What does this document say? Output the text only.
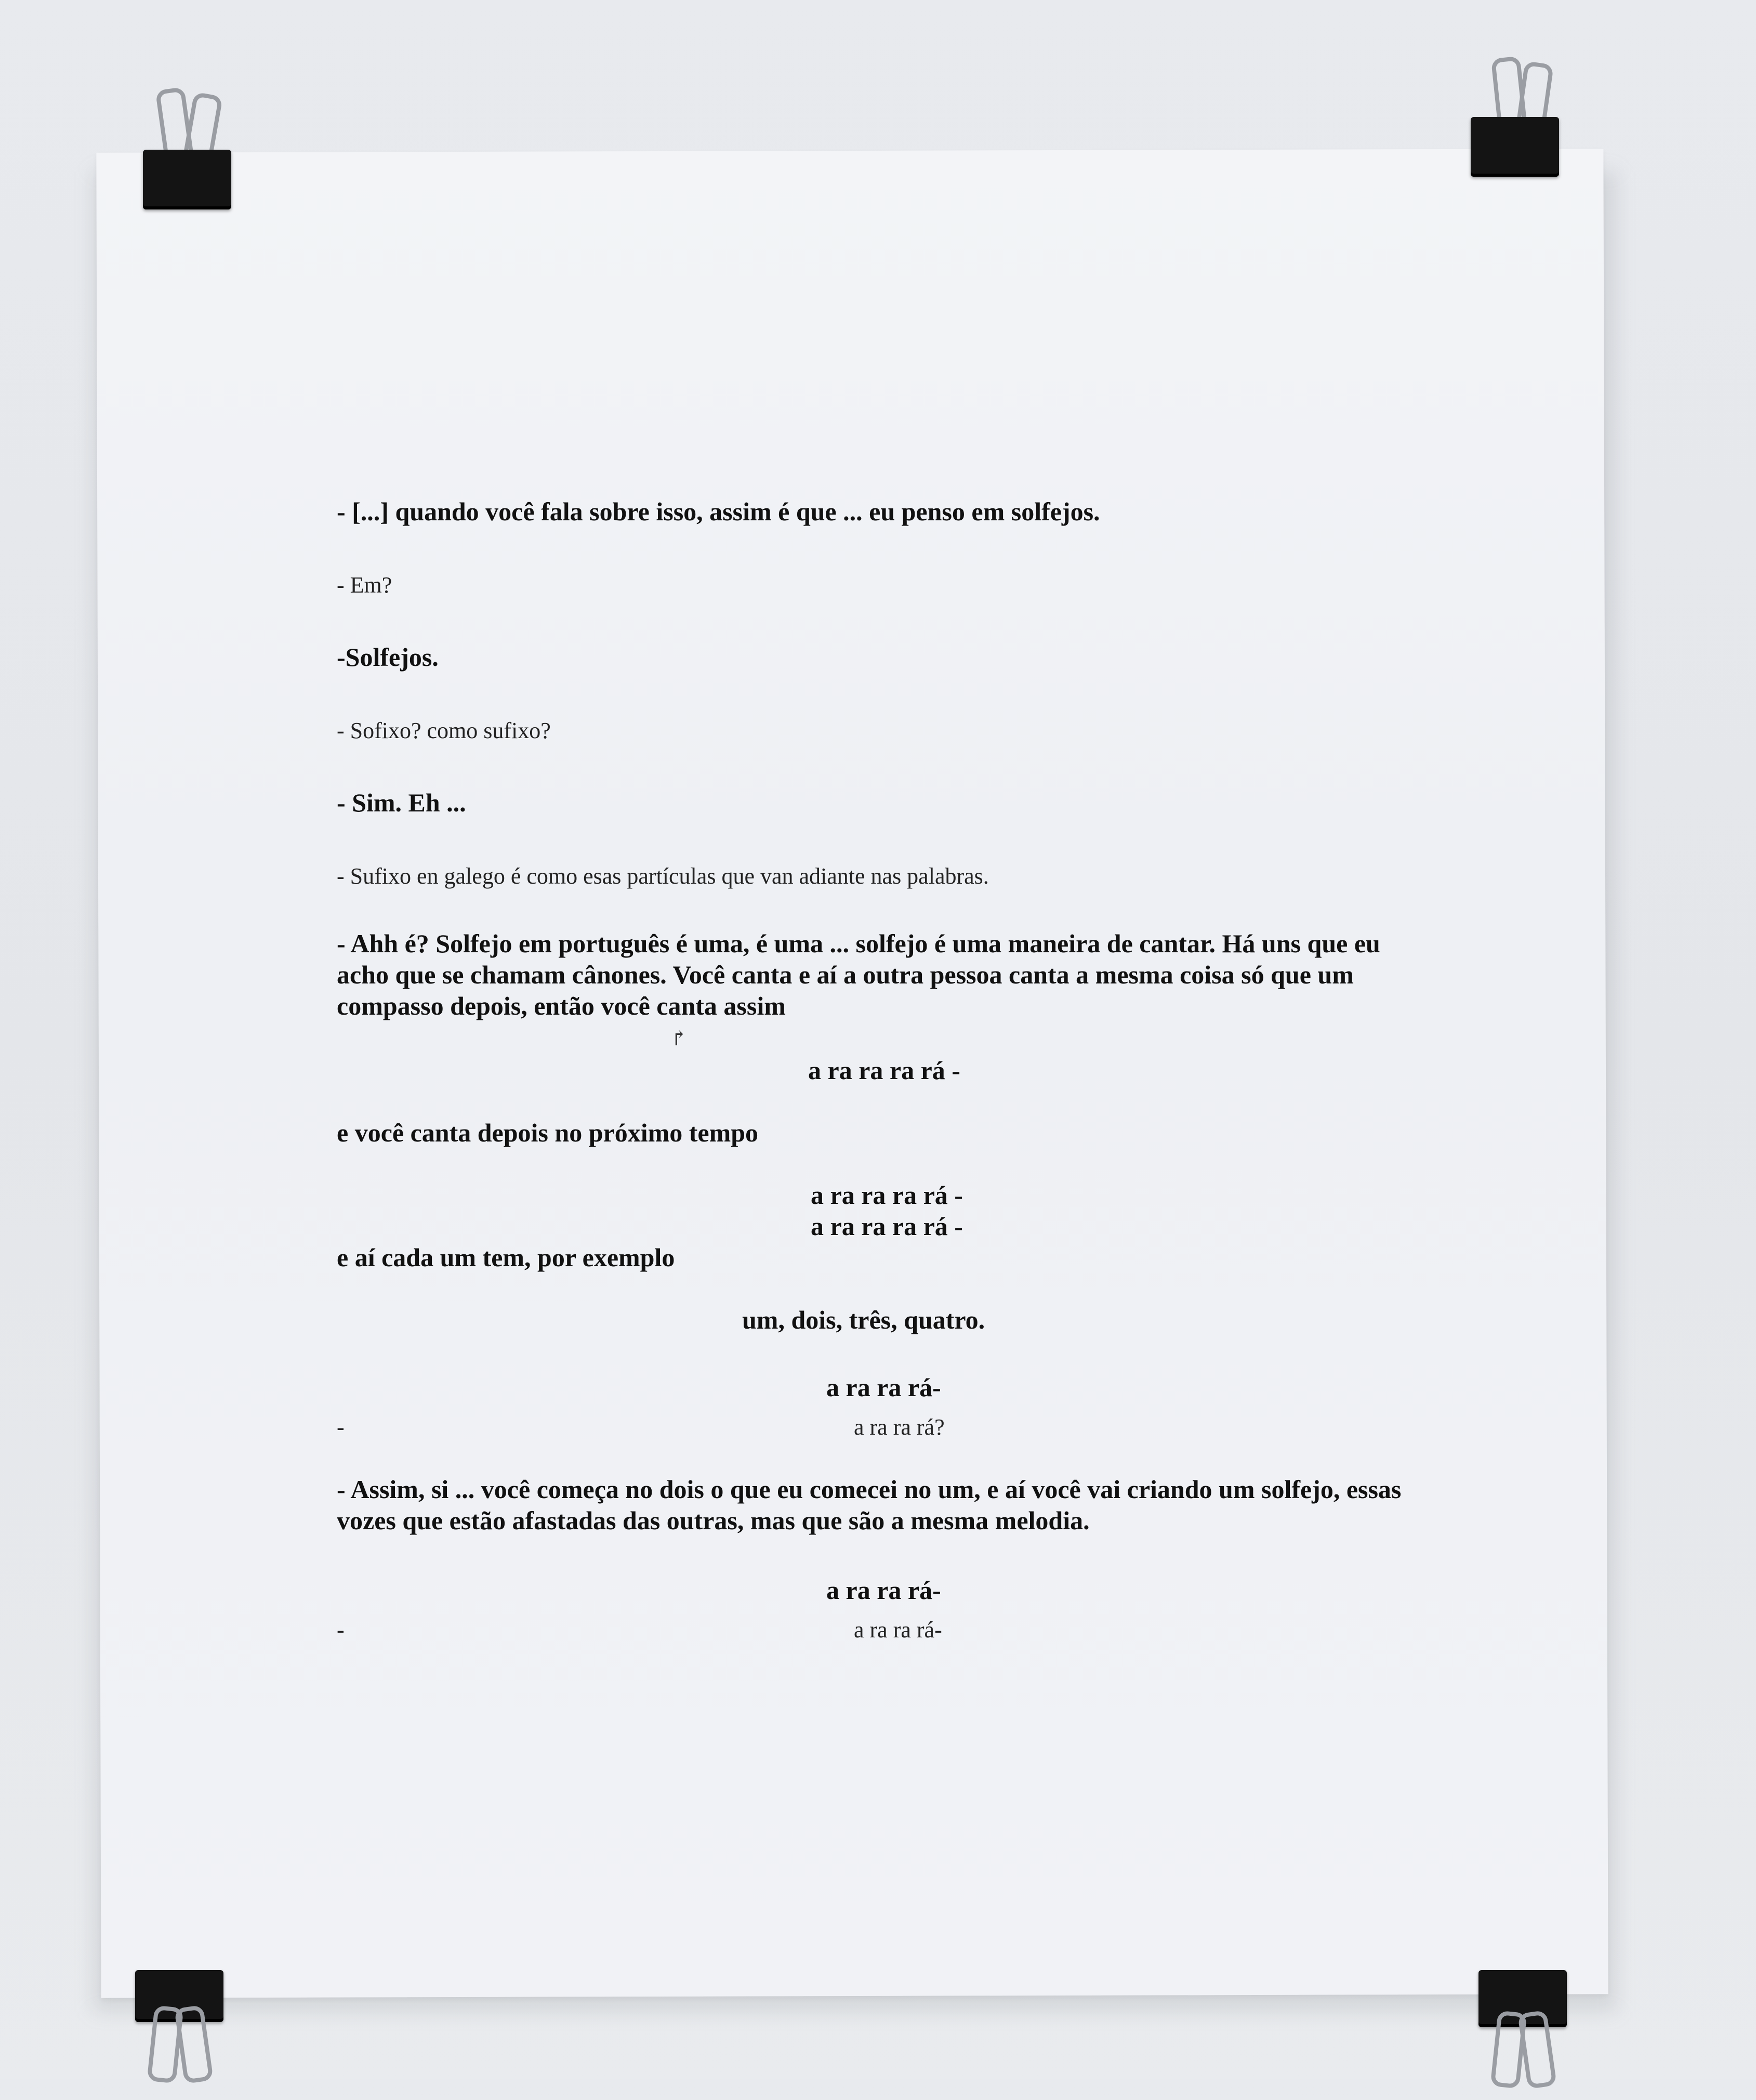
- [...] quando você fala sobre isso, assim é que ... eu penso em solfejos.
- Em?
-Solfejos.
- Sofixo? como sufixo?
- Sim. Eh ...
- Sufixo en galego é como esas partículas que van adiante nas palabras.
- Ahh é? Solfejo em português é uma, é uma ... solfejo é uma maneira de cantar. Há uns que eu acho que se chamam cânones. Você canta e aí a outra pessoa canta a mesma coisa só que um compasso depois, então você canta assim
↱
a ra ra ra rá -
e você canta depois no próximo tempo
a ra ra ra rá -
a ra ra ra rá -
e aí cada um tem, por exemplo
um, dois, três, quatro.
a ra ra rá-
-	a ra ra rá?
- Assim, si ... você começa no dois o que eu comecei no um, e aí você vai criando um solfejo, essas vozes que estão afastadas das outras, mas que são a mesma melodia.
a ra ra rá-
-	a ra ra rá-
